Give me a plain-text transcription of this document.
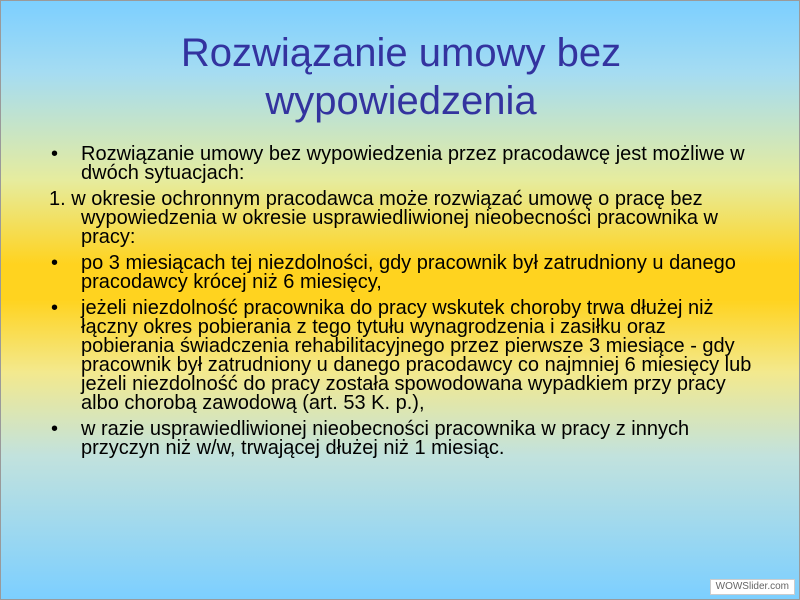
Rozwiązanie umowy bez
wypowiedzenia

• Rozwiązanie umowy bez wypowiedzenia przez pracodawcę jest możliwe w dwóch sytuacjach:

1. w okresie ochronnym pracodawca może rozwiązać umowę o pracę bez wypowiedzenia w okresie usprawiedliwionej nieobecności pracownika w pracy:

• po 3 miesiącach tej niezdolności, gdy pracownik był zatrudniony u danego pracodawcy krócej niż 6 miesięcy,

• jeżeli niezdolność pracownika do pracy wskutek choroby trwa dłużej niż łączny okres pobierania z tego tytułu wynagrodzenia i zasiłku oraz pobierania świadczenia rehabilitacyjnego przez pierwsze 3 miesiące - gdy pracownik był zatrudniony u danego pracodawcy co najmniej 6 miesięcy lub jeżeli niezdolność do pracy została spowodowana wypadkiem przy pracy albo chorobą zawodową (art. 53 K. p.),

• w razie usprawiedliwionej nieobecności pracownika w pracy z innych przyczyn niż w/w, trwającej dłużej niż 1 miesiąc.

WOWSlider.com
